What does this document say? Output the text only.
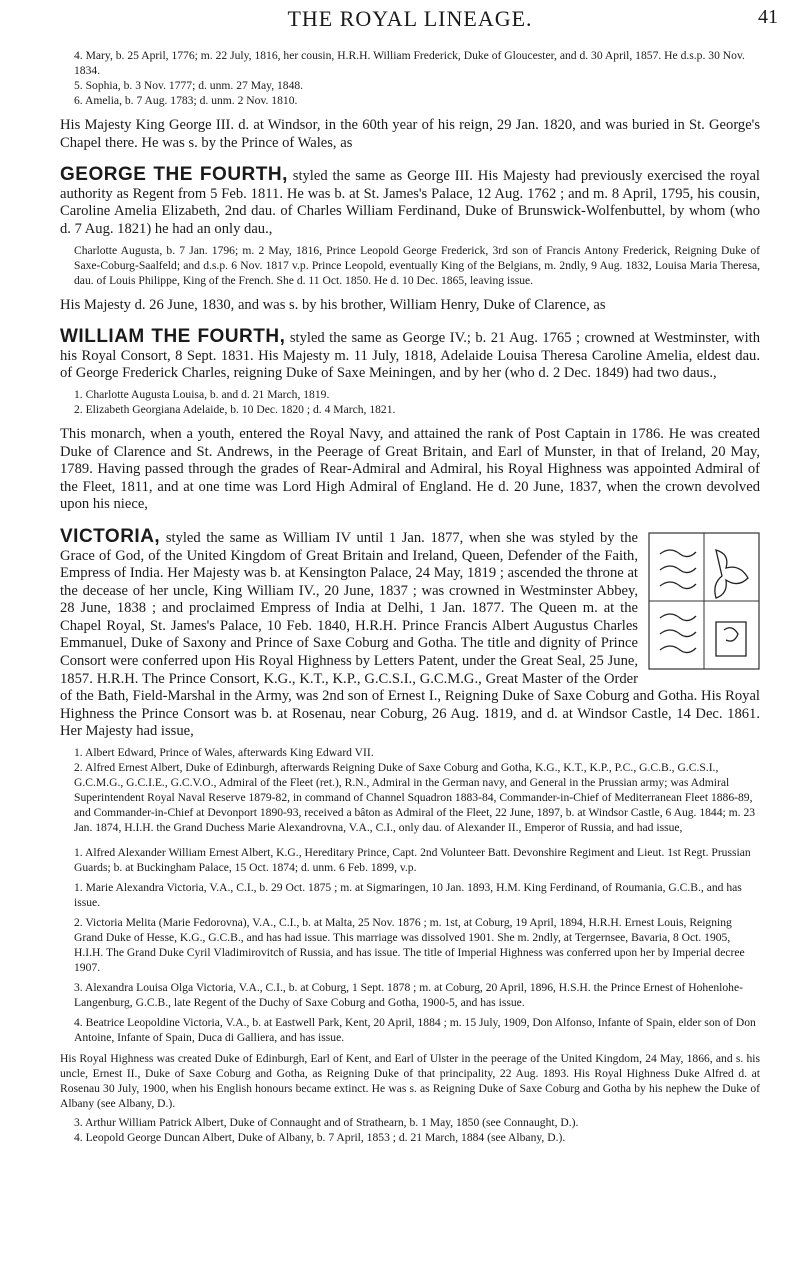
THE ROYAL LINEAGE.	41
4. Mary, b. 25 April, 1776; m. 22 July, 1816, her cousin, H.R.H. William Frederick, Duke of Gloucester, and d. 30 April, 1857. He d.s.p. 30 Nov. 1834.
5. Sophia, b. 3 Nov. 1777; d. unm. 27 May, 1848.
6. Amelia, b. 7 Aug. 1783; d. unm. 2 Nov. 1810.

His Majesty King George III. d. at Windsor, in the 60th year of his reign, 29 Jan. 1820, and was buried in St. George's Chapel there. He was s. by the Prince of Wales, as

GEORGE THE FOURTH, styled the same as George III. His Majesty had previously exercised the royal authority as Regent from 5 Feb. 1811. He was b. at St. James's Palace, 12 Aug. 1762 ; and m. 8 April, 1795, his cousin, Caroline Amelia Elizabeth, 2nd dau. of Charles William Ferdinand, Duke of Brunswick-Wolfenbuttel, by whom (who d. 7 Aug. 1821) he had an only dau.,

Charlotte Augusta, b. 7 Jan. 1796; m. 2 May, 1816, Prince Leopold George Frederick, 3rd son of Francis Antony Frederick, Reigning Duke of Saxe-Coburg-Saalfeld; and d.s.p. 6 Nov. 1817 v.p. Prince Leopold, eventually King of the Belgians, m. 2ndly, 9 Aug. 1832, Louisa Maria Theresa, dau. of Louis Philippe, King of the French. She d. 11 Oct. 1850. He d. 10 Dec. 1865, leaving issue.

His Majesty d. 26 June, 1830, and was s. by his brother, William Henry, Duke of Clarence, as

WILLIAM THE FOURTH, styled the same as George IV.; b. 21 Aug. 1765 ; crowned at Westminster, with his Royal Consort, 8 Sept. 1831. His Majesty m. 11 July, 1818, Adelaide Louisa Theresa Caroline Amelia, eldest dau. of George Frederick Charles, reigning Duke of Saxe Meiningen, and by her (who d. 2 Dec. 1849) had two daus.,

1. Charlotte Augusta Louisa, b. and d. 21 March, 1819.
2. Elizabeth Georgiana Adelaide, b. 10 Dec. 1820 ; d. 4 March, 1821.

This monarch, when a youth, entered the Royal Navy, and attained the rank of Post Captain in 1786. He was created Duke of Clarence and St. Andrews, in the Peerage of Great Britain, and Earl of Munster, in that of Ireland, 20 May, 1789. Having passed through the grades of Rear-Admiral and Admiral, his Royal Highness was appointed Admiral of the Fleet, 1811, and at one time was Lord High Admiral of England. He d. 20 June, 1837, when the crown devolved upon his niece,

VICTORIA, styled the same as William IV until 1 Jan. 1877, when she was styled by the Grace of God, of the United Kingdom of Great Britain and Ireland, Queen, Defender of the Faith, Empress of India. Her Majesty was b. at Kensington Palace, 24 May, 1819 ; ascended the throne at the decease of her uncle, King William IV., 20 June, 1837 ; was crowned in Westminster Abbey, 28 June, 1838 ; and proclaimed Empress of India at Delhi, 1 Jan. 1877. The Queen m. at the Chapel Royal, St. James's Palace, 10 Feb. 1840, H.R.H. Prince Francis Albert Augustus Charles Emmanuel, Duke of Saxony and Prince of Saxe Coburg and Gotha. The title and dignity of Prince Consort were conferred upon His Royal Highness by Letters Patent, under the Great Seal, 25 June, 1857. H.R.H. The Prince Consort, K.G., K.T., K.P., G.C.S.I., G.C.M.G., Great Master of the Order of the Bath, Field-Marshal in the Army, was 2nd son of Ernest I., Reigning Duke of Saxe Coburg and Gotha. His Royal Highness the Prince Consort was b. at Rosenau, near Coburg, 26 Aug. 1819, and d. at Windsor Castle, 14 Dec. 1861. Her Majesty had issue,

1. Albert Edward, Prince of Wales, afterwards King Edward VII.
2. Alfred Ernest Albert, Duke of Edinburgh, afterwards Reigning Duke of Saxe Coburg and Gotha, K.G., K.T., K.P., P.C., G.C.B., G.C.S.I., G.C.M.G., G.C.I.E., G.C.V.O., Admiral of the Fleet (ret.), R.N., Admiral in the German navy, and General in the Prussian army; was Admiral Superintendent Royal Naval Reserve 1879-82, in command of Channel Squadron 1883-84, Commander-in-Chief of Mediterranean Fleet 1886-89, and Commander-in-Chief at Devonport 1890-93, received a bâton as Admiral of the Fleet, 22 June, 1897, b. at Windsor Castle, 6 Aug. 1844; m. 23 Jan. 1874, H.I.H. the Grand Duchess Marie Alexandrovna, V.A., C.I., only dau. of Alexander II., Emperor of Russia, and had issue,
1. Alfred Alexander William Ernest Albert, K.G., Hereditary Prince, Capt. 2nd Volunteer Batt. Devonshire Regiment and Lieut. 1st Regt. Prussian Guards; b. at Buckingham Palace, 15 Oct. 1874; d. unm. 6 Feb. 1899, v.p.
1. Marie Alexandra Victoria, V.A., C.I., b. 29 Oct. 1875 ; m. at Sigmaringen, 10 Jan. 1893, H.M. King Ferdinand, of Roumania, G.C.B., and has issue.
2. Victoria Melita (Marie Fedorovna), V.A., C.I., b. at Malta, 25 Nov. 1876 ; m. 1st, at Coburg, 19 April, 1894, H.R.H. Ernest Louis, Reigning Grand Duke of Hesse, K.G., G.C.B., and has had issue. This marriage was dissolved 1901. She m. 2ndly, at Tergernsee, Bavaria, 8 Oct. 1905, H.I.H. The Grand Duke Cyril Vladimirovitch of Russia, and has issue. The title of Imperial Highness was conferred upon her by Imperial decree 1907.
3. Alexandra Louisa Olga Victoria, V.A., C.I., b. at Coburg, 1 Sept. 1878 ; m. at Coburg, 20 April, 1896, H.S.H. the Prince Ernest of Hohenlohe-Langenburg, G.C.B., late Regent of the Duchy of Saxe Coburg and Gotha, 1900-5, and has issue.
4. Beatrice Leopoldine Victoria, V.A., b. at Eastwell Park, Kent, 20 April, 1884 ; m. 15 July, 1909, Don Alfonso, Infante of Spain, elder son of Don Antoine, Infante of Spain, Duca di Galliera, and has issue.

His Royal Highness was created Duke of Edinburgh, Earl of Kent, and Earl of Ulster in the peerage of the United Kingdom, 24 May, 1866, and s. his uncle, Ernest II., Duke of Saxe Coburg and Gotha, as Reigning Duke of that principality, 22 Aug. 1893. His Royal Highness Duke Alfred d. at Rosenau 30 July, 1900, when his English honours became extinct. He was s. as Reigning Duke of Saxe Coburg and Gotha by his nephew the Duke of Albany (see Albany, D.).

3. Arthur William Patrick Albert, Duke of Connaught and of Strathearn, b. 1 May, 1850 (see Connaught, D.).
4. Leopold George Duncan Albert, Duke of Albany, b. 7 April, 1853 ; d. 21 March, 1884 (see Albany, D.).
